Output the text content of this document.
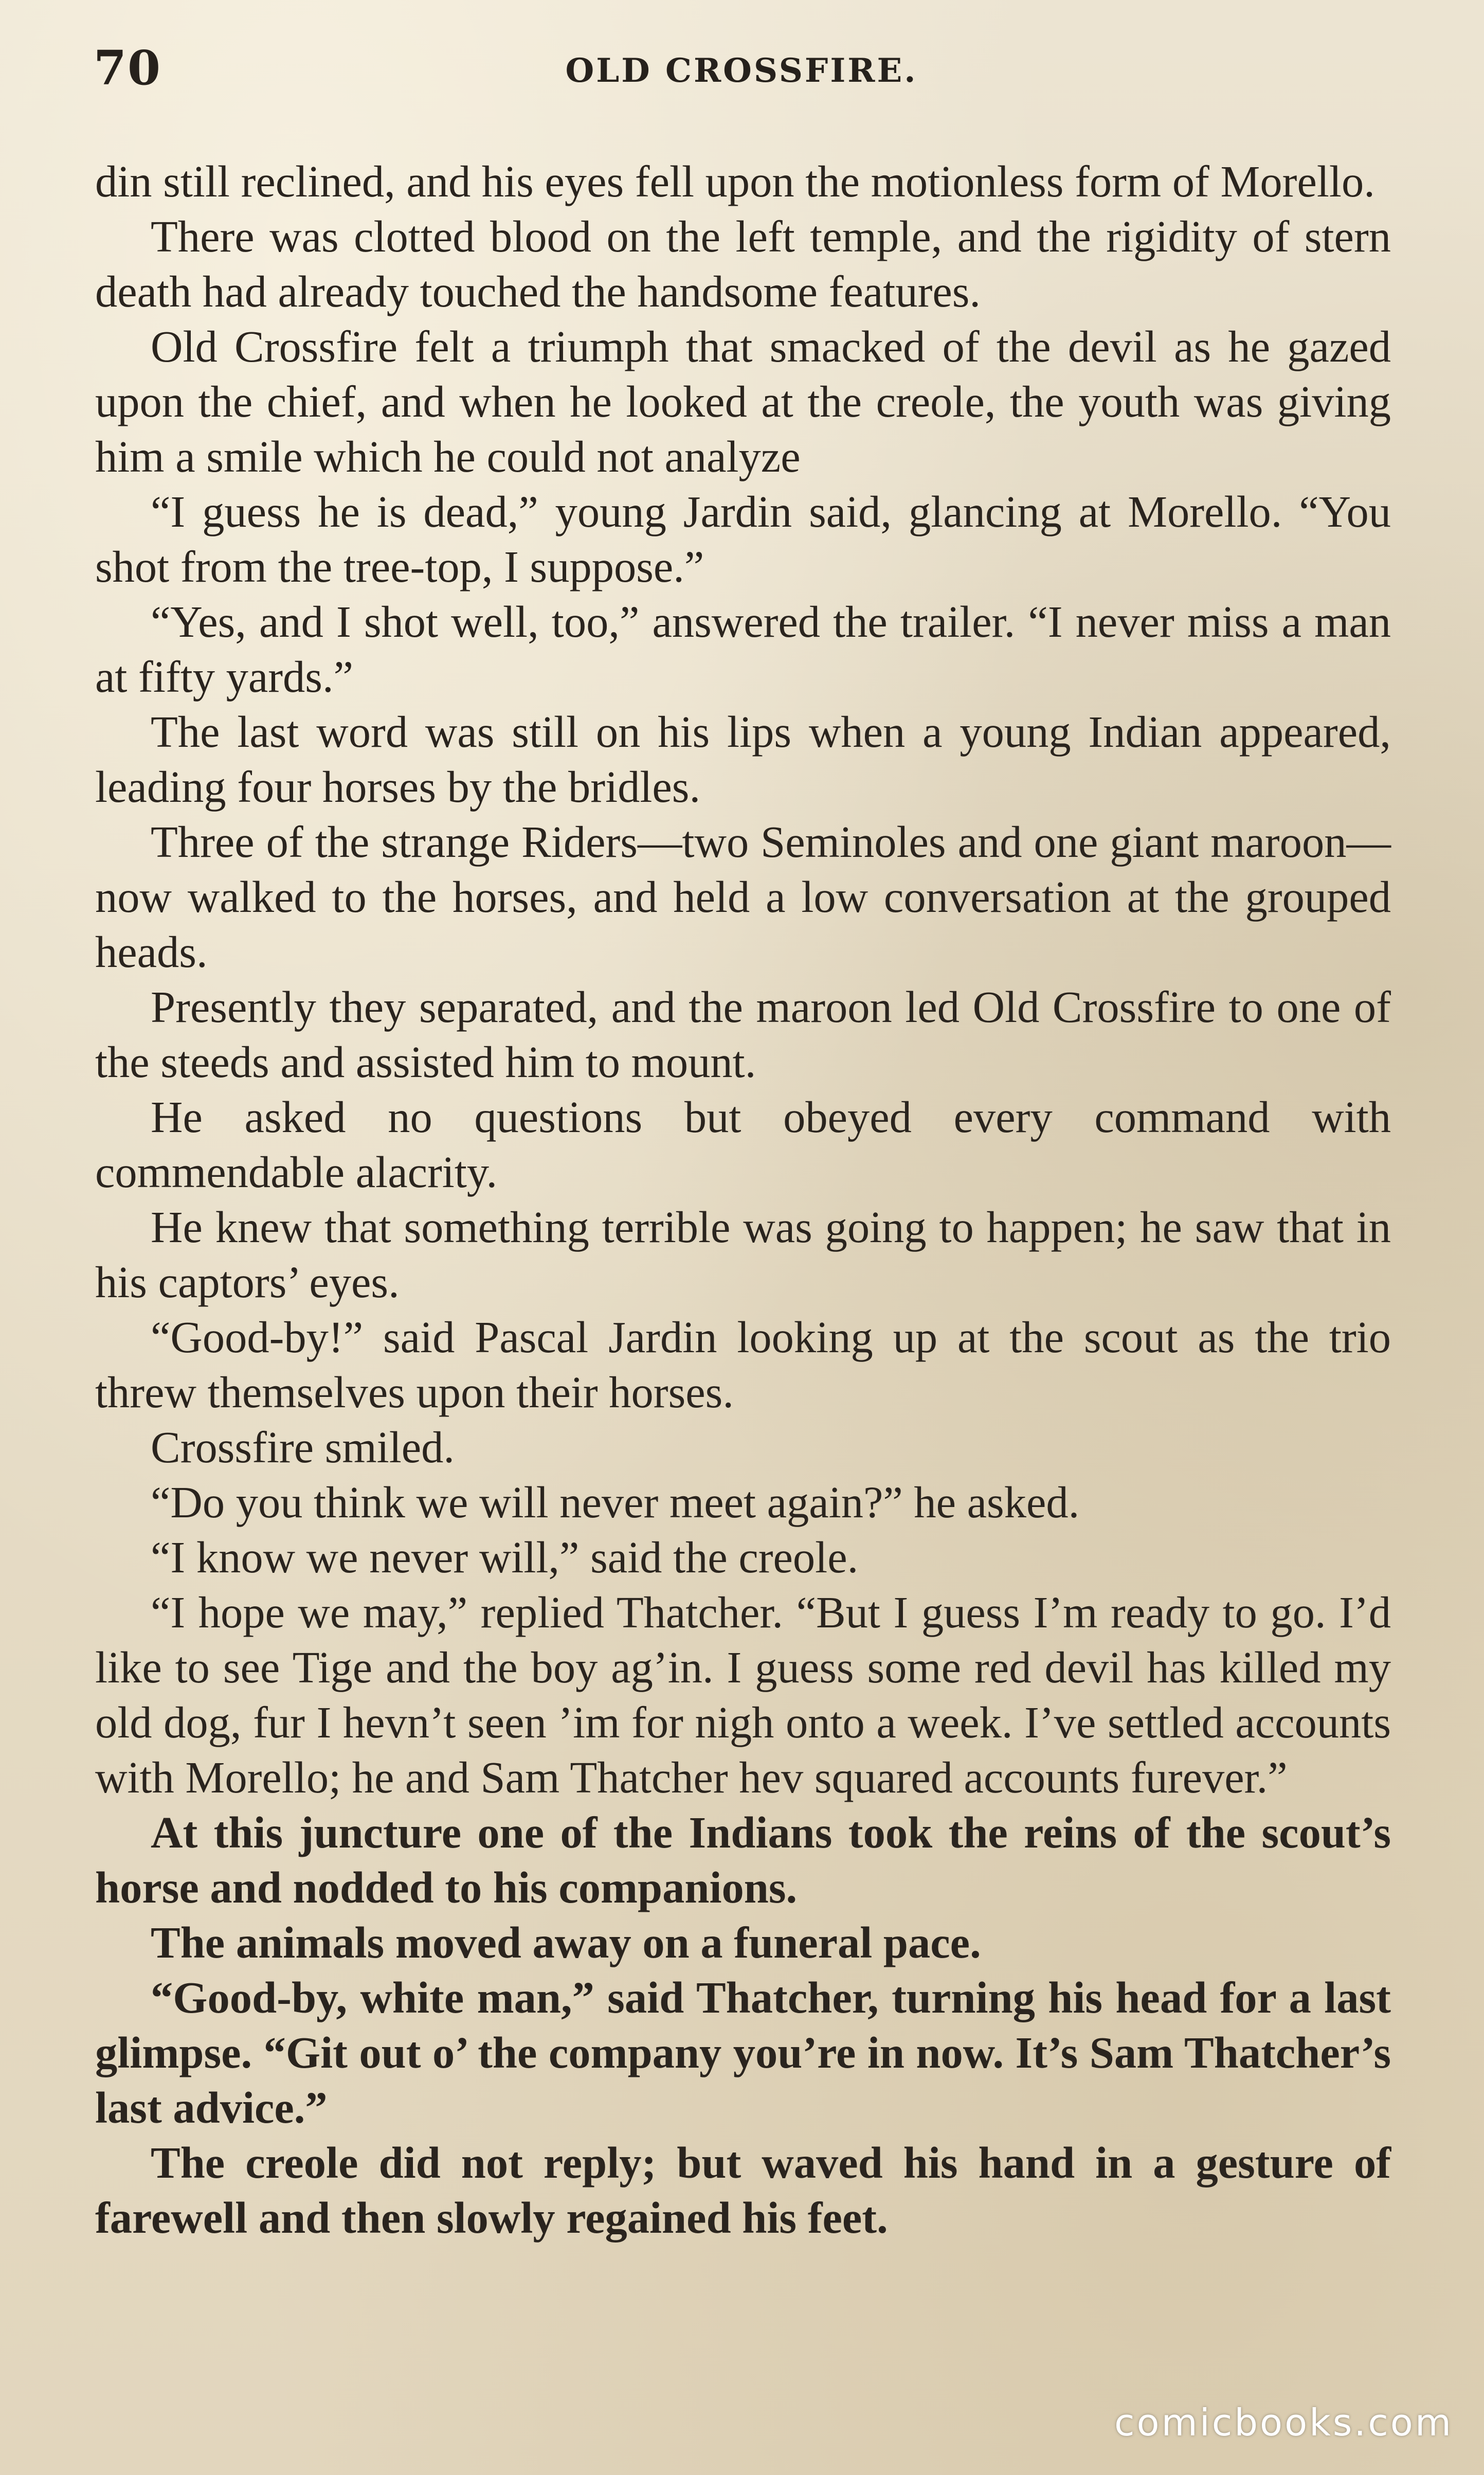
70	OLD CROSSFIRE.

din still reclined, and his eyes fell upon the motionless form of Morello.

There was clotted blood on the left temple, and the rigidity of stern death had already touched the handsome features.

Old Crossfire felt a triumph that smacked of the devil as he gazed upon the chief, and when he looked at the creole, the youth was giving him a smile which he could not analyze

“I guess he is dead,” young Jardin said, glancing at Morello. “You shot from the tree-top, I suppose.”

“Yes, and I shot well, too,” answered the trailer. “I never miss a man at fifty yards.”

The last word was still on his lips when a young Indian appeared, leading four horses by the bridles.

Three of the strange Riders—two Seminoles and one giant maroon—now walked to the horses, and held a low conversation at the grouped heads.

Presently they separated, and the maroon led Old Crossfire to one of the steeds and assisted him to mount.

He asked no questions but obeyed every command with commendable alacrity.

He knew that something terrible was going to happen; he saw that in his captors’ eyes.

“Good-by!” said Pascal Jardin looking up at the scout as the trio threw themselves upon their horses.

Crossfire smiled.

“Do you think we will never meet again?” he asked.

“I know we never will,” said the creole.

“I hope we may,” replied Thatcher. “But I guess I’m ready to go. I’d like to see Tige and the boy ag’in. I guess some red devil has killed my old dog, fur I hevn’t seen ’im for nigh onto a week. I’ve settled accounts with Morello; he and Sam Thatcher hev squared accounts furever.”

At this juncture one of the Indians took the reins of the scout’s horse and nodded to his companions.

The animals moved away on a funeral pace.

“Good-by, white man,” said Thatcher, turning his head for a last glimpse. “Git out o’ the company you’re in now. It’s Sam Thatcher’s last advice.”

The creole did not reply; but waved his hand in a gesture of farewell and then slowly regained his feet.

comicbooks.com
